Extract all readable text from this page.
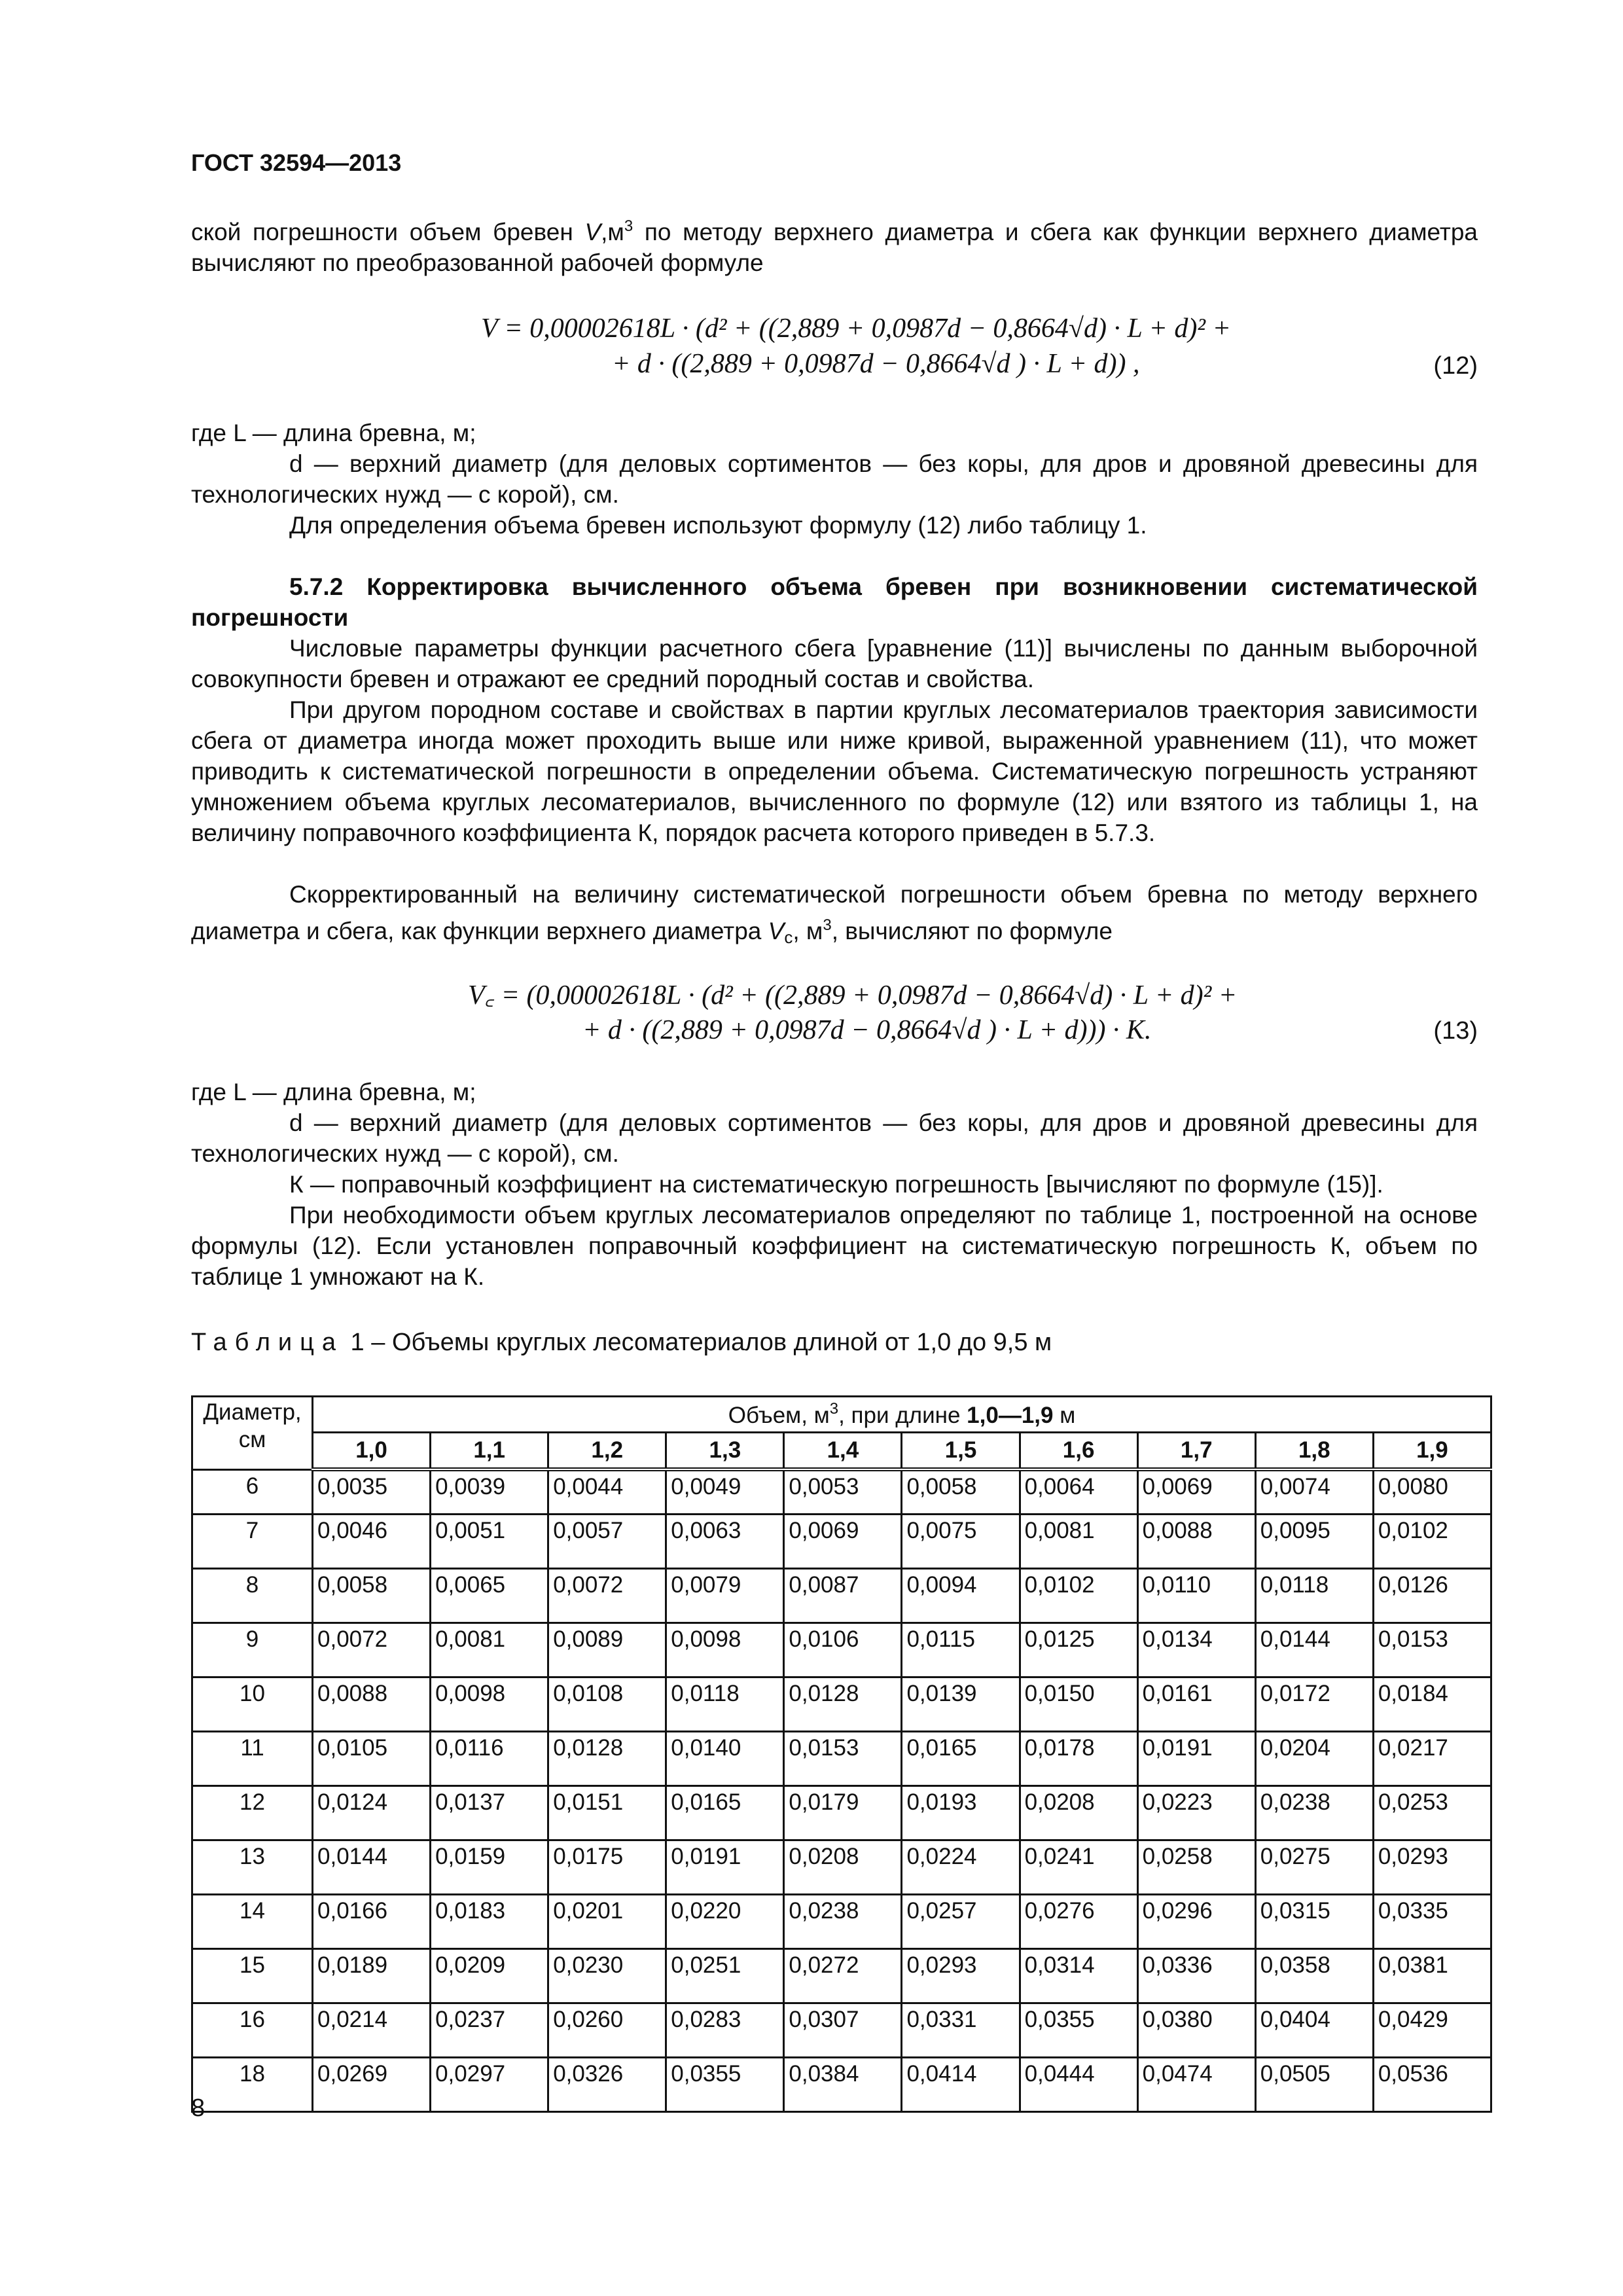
ГОСТ 32594—2013

ской погрешности объем бревен $V,м^3$ по методу верхнего диаметра и сбега как функции верхнего диаметра вычисляют по преобразованной рабочей формуле

V = 0,00002618L · (d² + ((2,889 + 0,0987d − 0,8664√d) · L + d)² +
+ d · ((2,889 + 0,0987d − 0,8664√d ) · L + d)) ,	(12)

где L — длина бревна, м;

d — верхний диаметр (для деловых сортиментов — без коры, для дров и дровяной древесины для технологических нужд — с корой), см.

Для определения объема бревен используют формулу (12) либо таблицу 1.

5.7.2 Корректировка вычисленного объема бревен при возникновении систематической погрешности

Числовые параметры функции расчетного сбега [уравнение (11)] вычислены по данным выборочной совокупности бревен и отражают ее средний породный состав и свойства.

При другом породном составе и свойствах в партии круглых лесоматериалов траектория зависимости сбега от диаметра иногда может проходить выше или ниже кривой, выраженной уравнением (11), что может приводить к систематической погрешности в определении объема. Систематическую погрешность устраняют умножением объема круглых лесоматериалов, вычисленного по формуле (12) или взятого из таблицы 1, на величину поправочного коэффициента К, порядок расчета которого приведен в 5.7.3.

Скорректированный на величину систематической погрешности объем бревна по методу верхнего диаметра и сбега, как функции верхнего диаметра $V_c$, $м^3$, вычисляют по формуле

V꜀ = (0,00002618L · (d² + ((2,889 + 0,0987d − 0,8664√d) · L + d)² +
+ d · ((2,889 + 0,0987d − 0,8664√d ) · L + d))) · K.	(13)

где L — длина бревна, м;

d — верхний диаметр (для деловых сортиментов — без коры, для дров и дровяной древесины для технологических нужд — с корой), см.

К — поправочный коэффициент на систематическую погрешность [вычисляют по формуле (15)].

При необходимости объем круглых лесоматериалов определяют по таблице 1, построенной на основе формулы (12). Если установлен поправочный коэффициент на систематическую погрешность К, объем по таблице 1 умножают на К.

Таблица 1 – Объемы круглых лесоматериалов длиной от 1,0 до 9,5 м
Диаметр,
см	Объем, $м^3$, при длине 1,0—1,9 м									
	1,0	1,1	1,2	1,3	1,4	1,5	1,6	1,7	1,8	1,9
6	0,0035	0,0039	0,0044	0,0049	0,0053	0,0058	0,0064	0,0069	0,0074	0,0080
7	0,0046	0,0051	0,0057	0,0063	0,0069	0,0075	0,0081	0,0088	0,0095	0,0102
8	0,0058	0,0065	0,0072	0,0079	0,0087	0,0094	0,0102	0,0110	0,0118	0,0126
9	0,0072	0,0081	0,0089	0,0098	0,0106	0,0115	0,0125	0,0134	0,0144	0,0153
10	0,0088	0,0098	0,0108	0,0118	0,0128	0,0139	0,0150	0,0161	0,0172	0,0184
11	0,0105	0,0116	0,0128	0,0140	0,0153	0,0165	0,0178	0,0191	0,0204	0,0217
12	0,0124	0,0137	0,0151	0,0165	0,0179	0,0193	0,0208	0,0223	0,0238	0,0253
13	0,0144	0,0159	0,0175	0,0191	0,0208	0,0224	0,0241	0,0258	0,0275	0,0293
14	0,0166	0,0183	0,0201	0,0220	0,0238	0,0257	0,0276	0,0296	0,0315	0,0335
15	0,0189	0,0209	0,0230	0,0251	0,0272	0,0293	0,0314	0,0336	0,0358	0,0381
16	0,0214	0,0237	0,0260	0,0283	0,0307	0,0331	0,0355	0,0380	0,0404	0,0429
18	0,0269	0,0297	0,0326	0,0355	0,0384	0,0414	0,0444	0,0474	0,0505	0,0536
8
